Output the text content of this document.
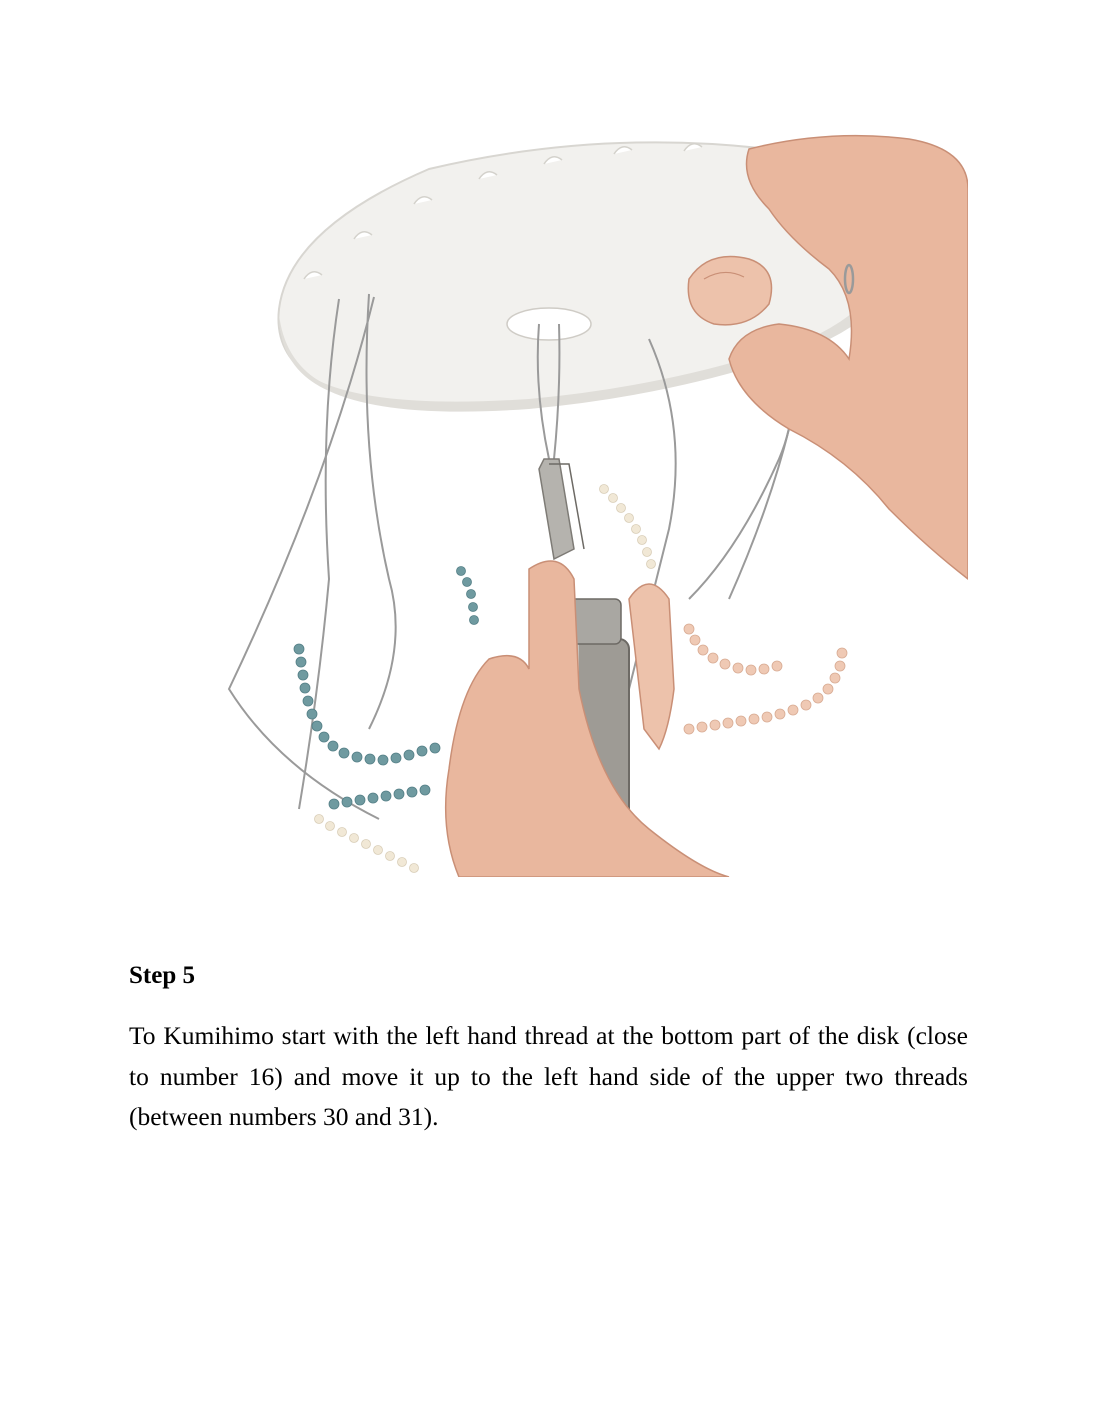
Step 5

To Kumihimo start with the left hand thread at the bottom part of the disk (close to number 16) and move it up to the left hand side of the upper two threads (between numbers 30 and 31).
